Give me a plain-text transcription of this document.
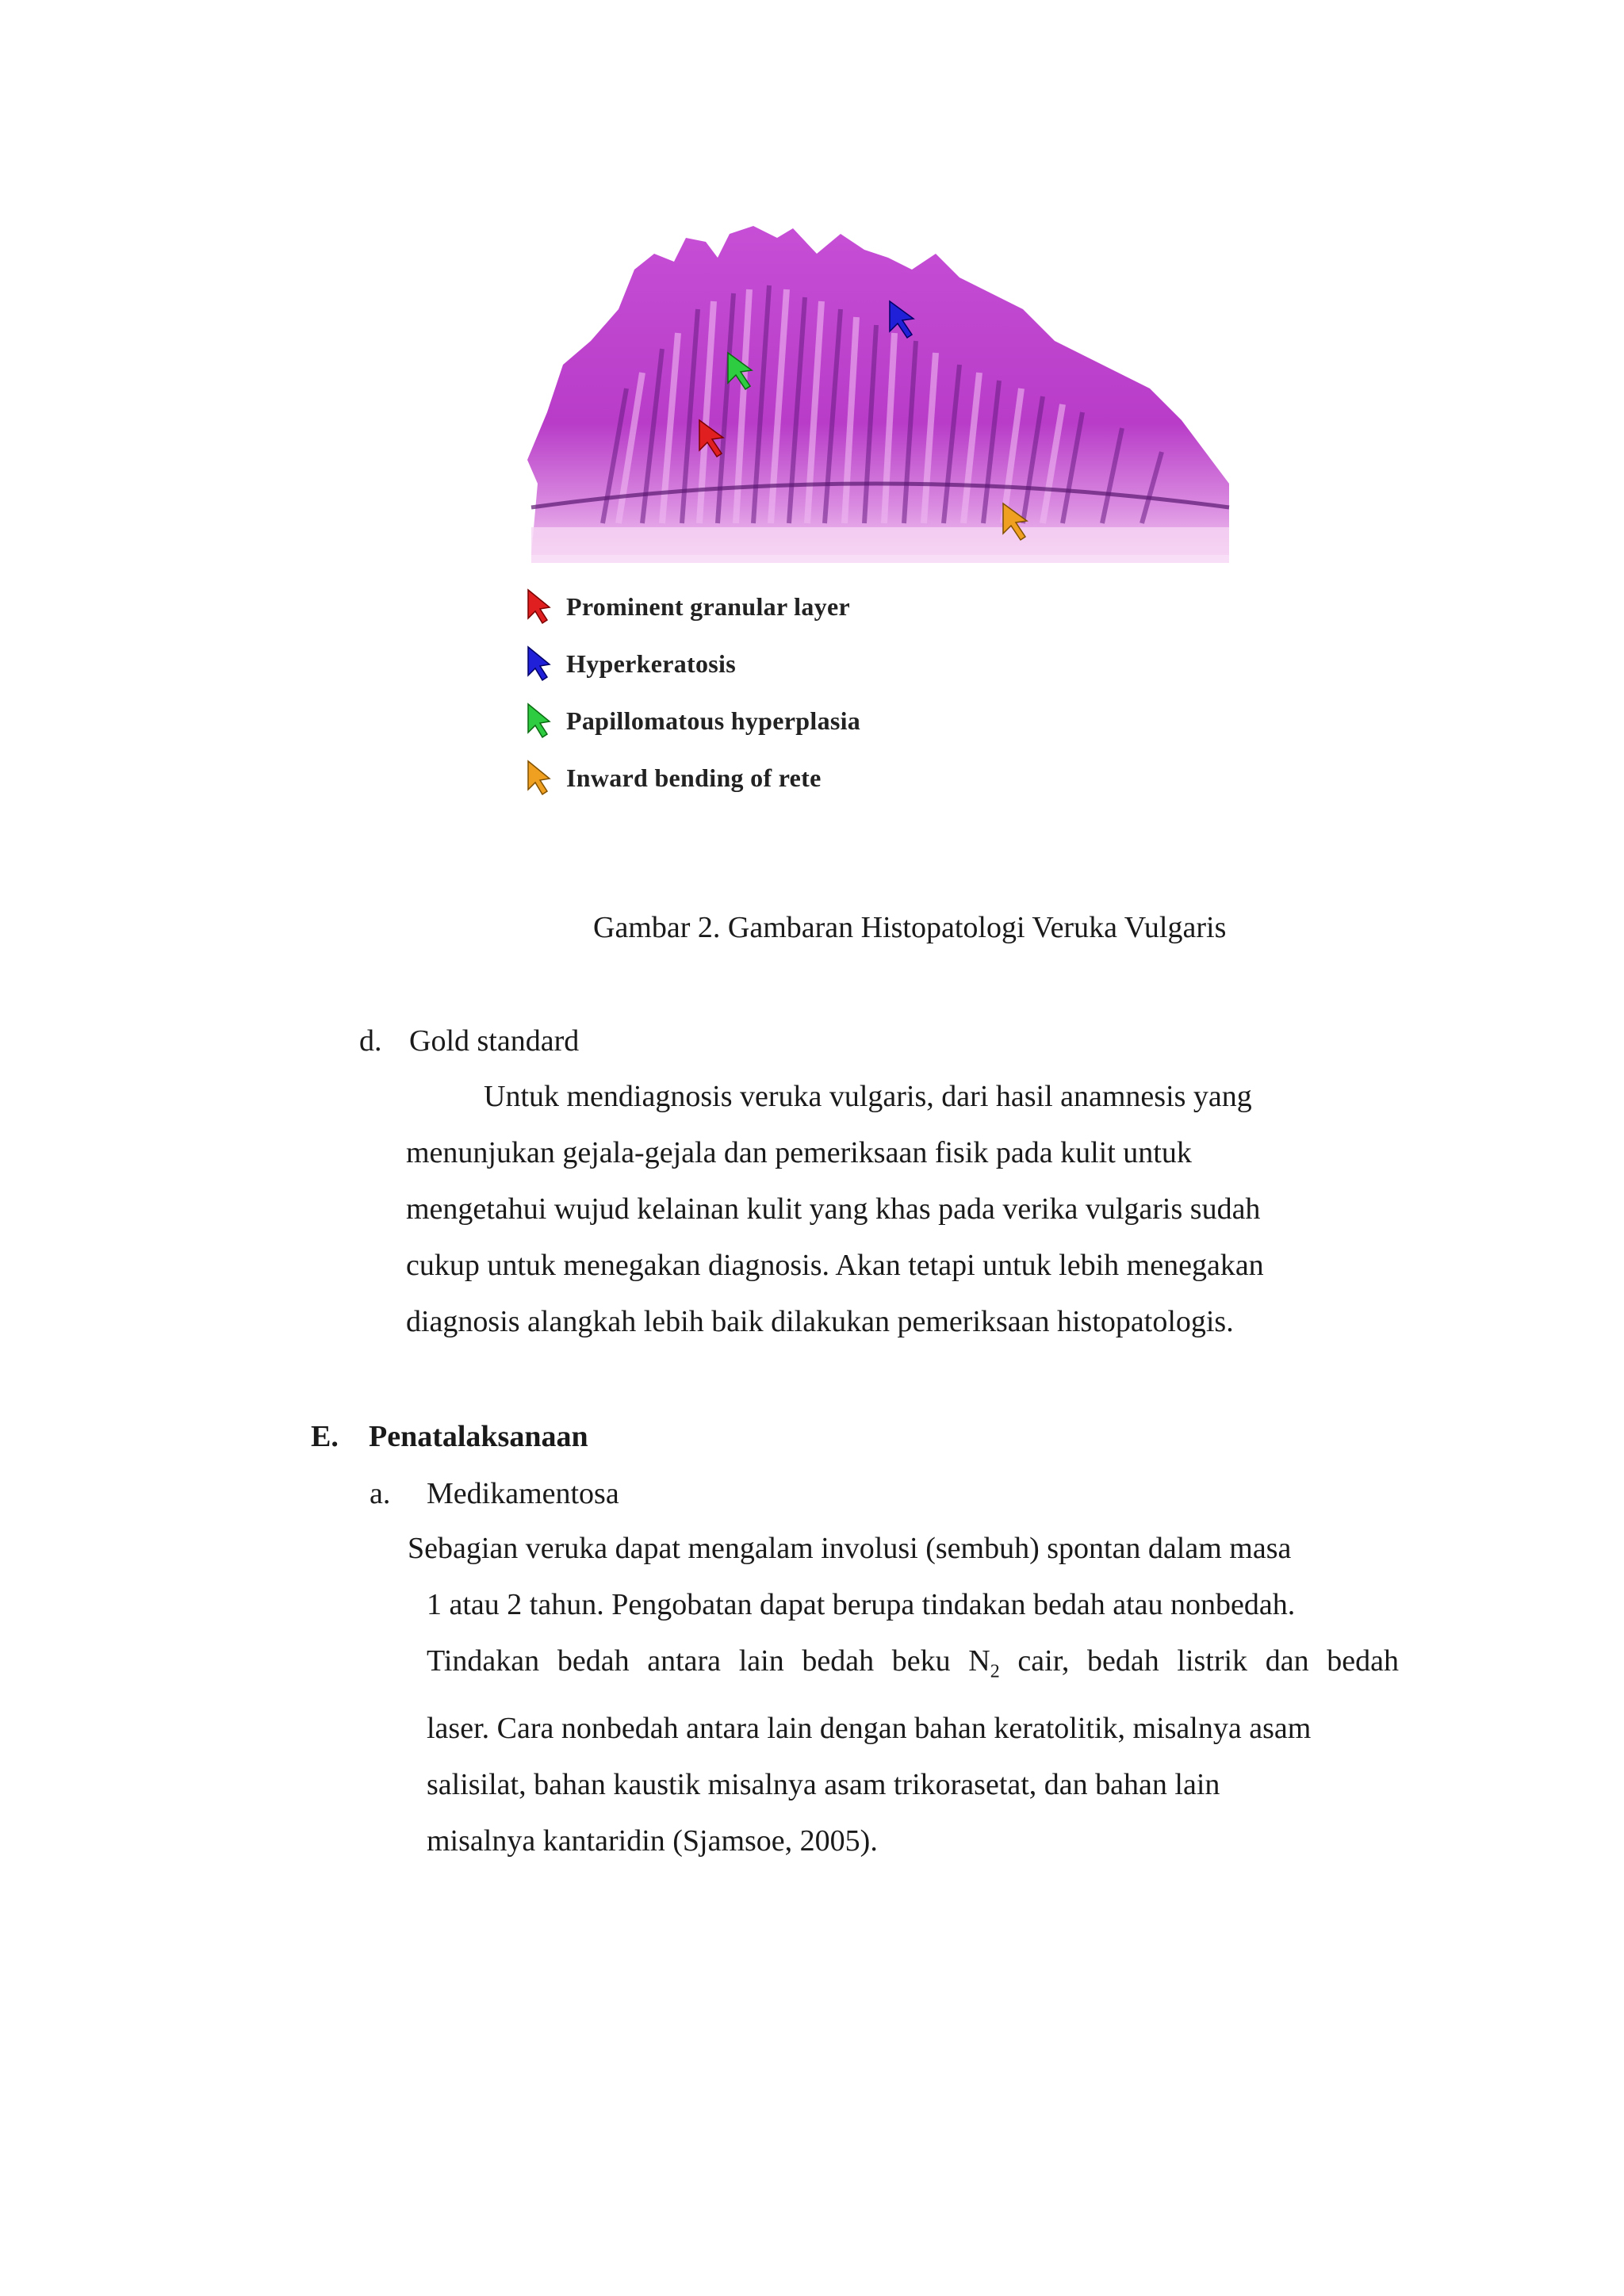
Prominent granular layer
Hyperkeratosis
Papillomatous hyperplasia
Inward bending of rete
Gambar 2. Gambaran Histopatologi Veruka Vulgaris
d. Gold standard
Untuk mendiagnosis veruka vulgaris, dari hasil anamnesis yang
menunjukan gejala-gejala dan pemeriksaan fisik pada kulit untuk
mengetahui wujud kelainan kulit yang khas pada verika vulgaris sudah
cukup untuk menegakan diagnosis. Akan tetapi untuk lebih menegakan
diagnosis alangkah lebih baik dilakukan pemeriksaan histopatologis.
E. Penatalaksanaan
a. Medikamentosa
Sebagian veruka dapat mengalam involusi (sembuh) spontan dalam masa
1 atau 2 tahun. Pengobatan dapat berupa tindakan bedah atau nonbedah.
Tindakan bedah antara lain bedah beku $N_2$ cair, bedah listrik dan bedah
laser. Cara nonbedah antara lain dengan bahan keratolitik, misalnya asam
salisilat, bahan kaustik misalnya asam trikorasetat, dan bahan lain
misalnya kantaridin (Sjamsoe, 2005).
